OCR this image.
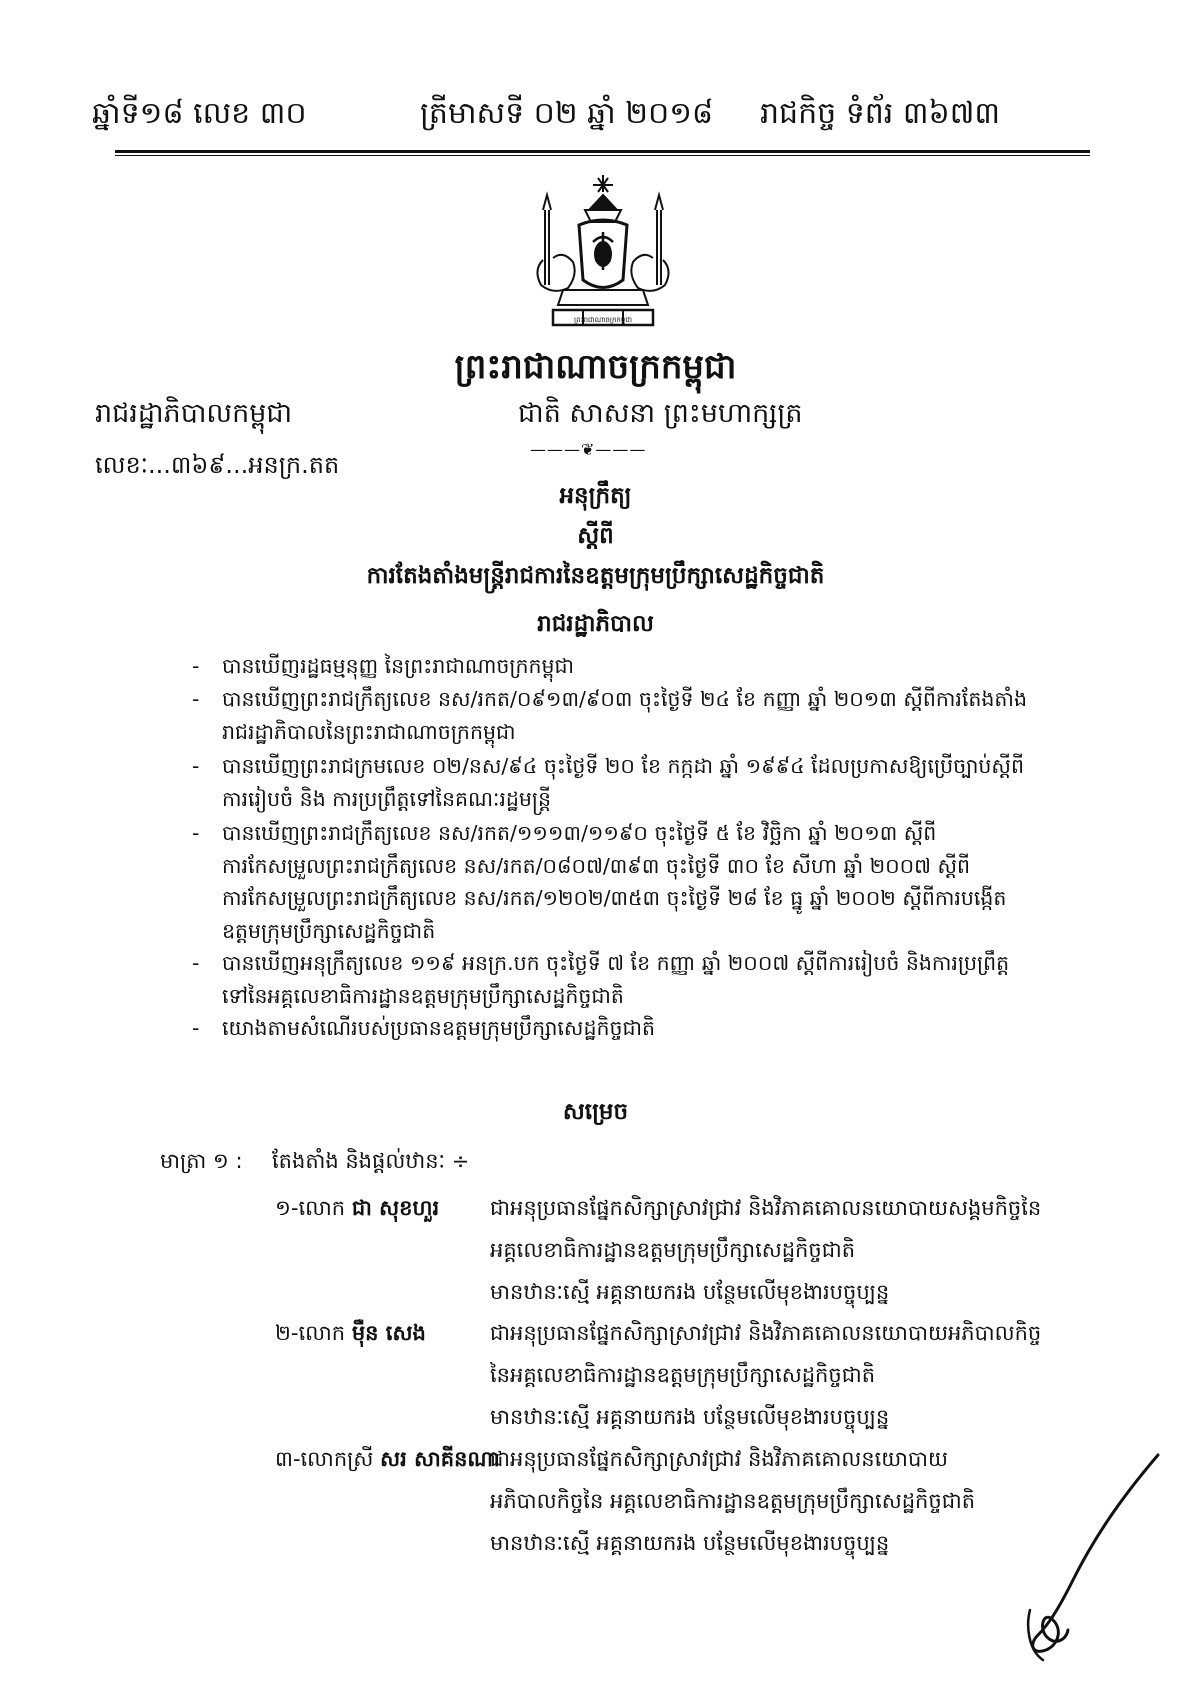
ឆ្នាំទី១៨ លេខ ៣០	ត្រីមាសទី ០២ ឆ្នាំ ២០១៨ រាជកិច្ច ទំព័រ ៣៦៧៣
ព្រះរាជាណាចក្រកម្ពុជា
ព្រះរាជាណាចក្រកម្ពុជា
រាជរដ្ឋាភិបាលកម្ពុជា	ជាតិ សាសនា ព្រះមហាក្សត្រ
———❦———
លេខៈ...៣៦៩...អនក្រ.តត
អនុក្រឹត្យ
ស្តីពី
ការតែងតាំងមន្ត្រីរាជការនៃឧត្តមក្រុមប្រឹក្សាសេដ្ឋកិច្ចជាតិ
រាជរដ្ឋាភិបាល
- បានឃើញរដ្ឋធម្មនុញ្ញ នៃព្រះរាជាណាចក្រកម្ពុជា
- បានឃើញព្រះរាជក្រឹត្យលេខ នស/រកត/០៩១៣/៩០៣ ចុះថ្ងៃទី ២៤ ខែ កញ្ញា ឆ្នាំ ២០១៣ ស្តីពីការតែងតាំងរាជរដ្ឋាភិបាលនៃព្រះរាជាណាចក្រកម្ពុជា
- បានឃើញព្រះរាជក្រមលេខ ០២/នស/៩៤ ចុះថ្ងៃទី ២០ ខែ កក្កដា ឆ្នាំ ១៩៩៤ ដែលប្រកាសឱ្យប្រើច្បាប់ស្តីពីការរៀបចំ និង ការប្រព្រឹត្តទៅនៃគណៈរដ្ឋមន្ត្រី
- បានឃើញព្រះរាជក្រឹត្យលេខ នស/រកត/១១១៣/១១៩០ ចុះថ្ងៃទី ៥ ខែ វិច្ឆិកា ឆ្នាំ ២០១៣ ស្តីពីការកែសម្រួលព្រះរាជក្រឹត្យលេខ នស/រកត/០៨០៧/៣៩៣ ចុះថ្ងៃទី ៣០ ខែ សីហា ឆ្នាំ ២០០៧ ស្តីពីការកែសម្រួលព្រះរាជក្រឹត្យលេខ នស/រកត/១២០២/៣៥៣ ចុះថ្ងៃទី ២៨ ខែ ធ្នូ ឆ្នាំ ២០០២ ស្តីពីការបង្កើតឧត្តមក្រុមប្រឹក្សាសេដ្ឋកិច្ចជាតិ
- បានឃើញអនុក្រឹត្យលេខ ១១៩ អនក្រ.បក ចុះថ្ងៃទី ៧ ខែ កញ្ញា ឆ្នាំ ២០០៧ ស្តីពីការរៀបចំ និងការប្រព្រឹត្តទៅនៃអគ្គលេខាធិការដ្ឋានឧត្តមក្រុមប្រឹក្សាសេដ្ឋកិច្ចជាតិ
- យោងតាមសំណើរបស់ប្រធានឧត្តមក្រុមប្រឹក្សាសេដ្ឋកិច្ចជាតិ
សម្រេច
មាត្រា ១ : តែងតាំង និងផ្តល់ឋានៈ ÷
១-លោក ជា សុខហួរ ជាអនុប្រធានផ្នែកសិក្សាស្រាវជ្រាវ និងវិភាគគោលនយោបាយសង្គមកិច្ចនៃ
អគ្គលេខាធិការដ្ឋានឧត្តមក្រុមប្រឹក្សាសេដ្ឋកិច្ចជាតិ
មានឋានៈស្មើ អគ្គនាយករង បន្ថែមលើមុខងារបច្ចុប្បន្ន
២-លោក ម៉ឺន សេង	ជាអនុប្រធានផ្នែកសិក្សាស្រាវជ្រាវ និងវិភាគគោលនយោបាយអភិបាលកិច្ច
នៃអគ្គលេខាធិការដ្ឋានឧត្តមក្រុមប្រឹក្សាសេដ្ឋកិច្ចជាតិ
មានឋានៈស្មើ អគ្គនាយករង បន្ថែមលើមុខងារបច្ចុប្បន្ន
៣-លោកស្រី សរ សាគីនណា
ជាអនុប្រធានផ្នែកសិក្សាស្រាវជ្រាវ និងវិភាគគោលនយោបាយ
អភិបាលកិច្ចនៃ អគ្គលេខាធិការដ្ឋានឧត្តមក្រុមប្រឹក្សាសេដ្ឋកិច្ចជាតិ
មានឋានៈស្មើ អគ្គនាយករង បន្ថែមលើមុខងារបច្ចុប្បន្ន
